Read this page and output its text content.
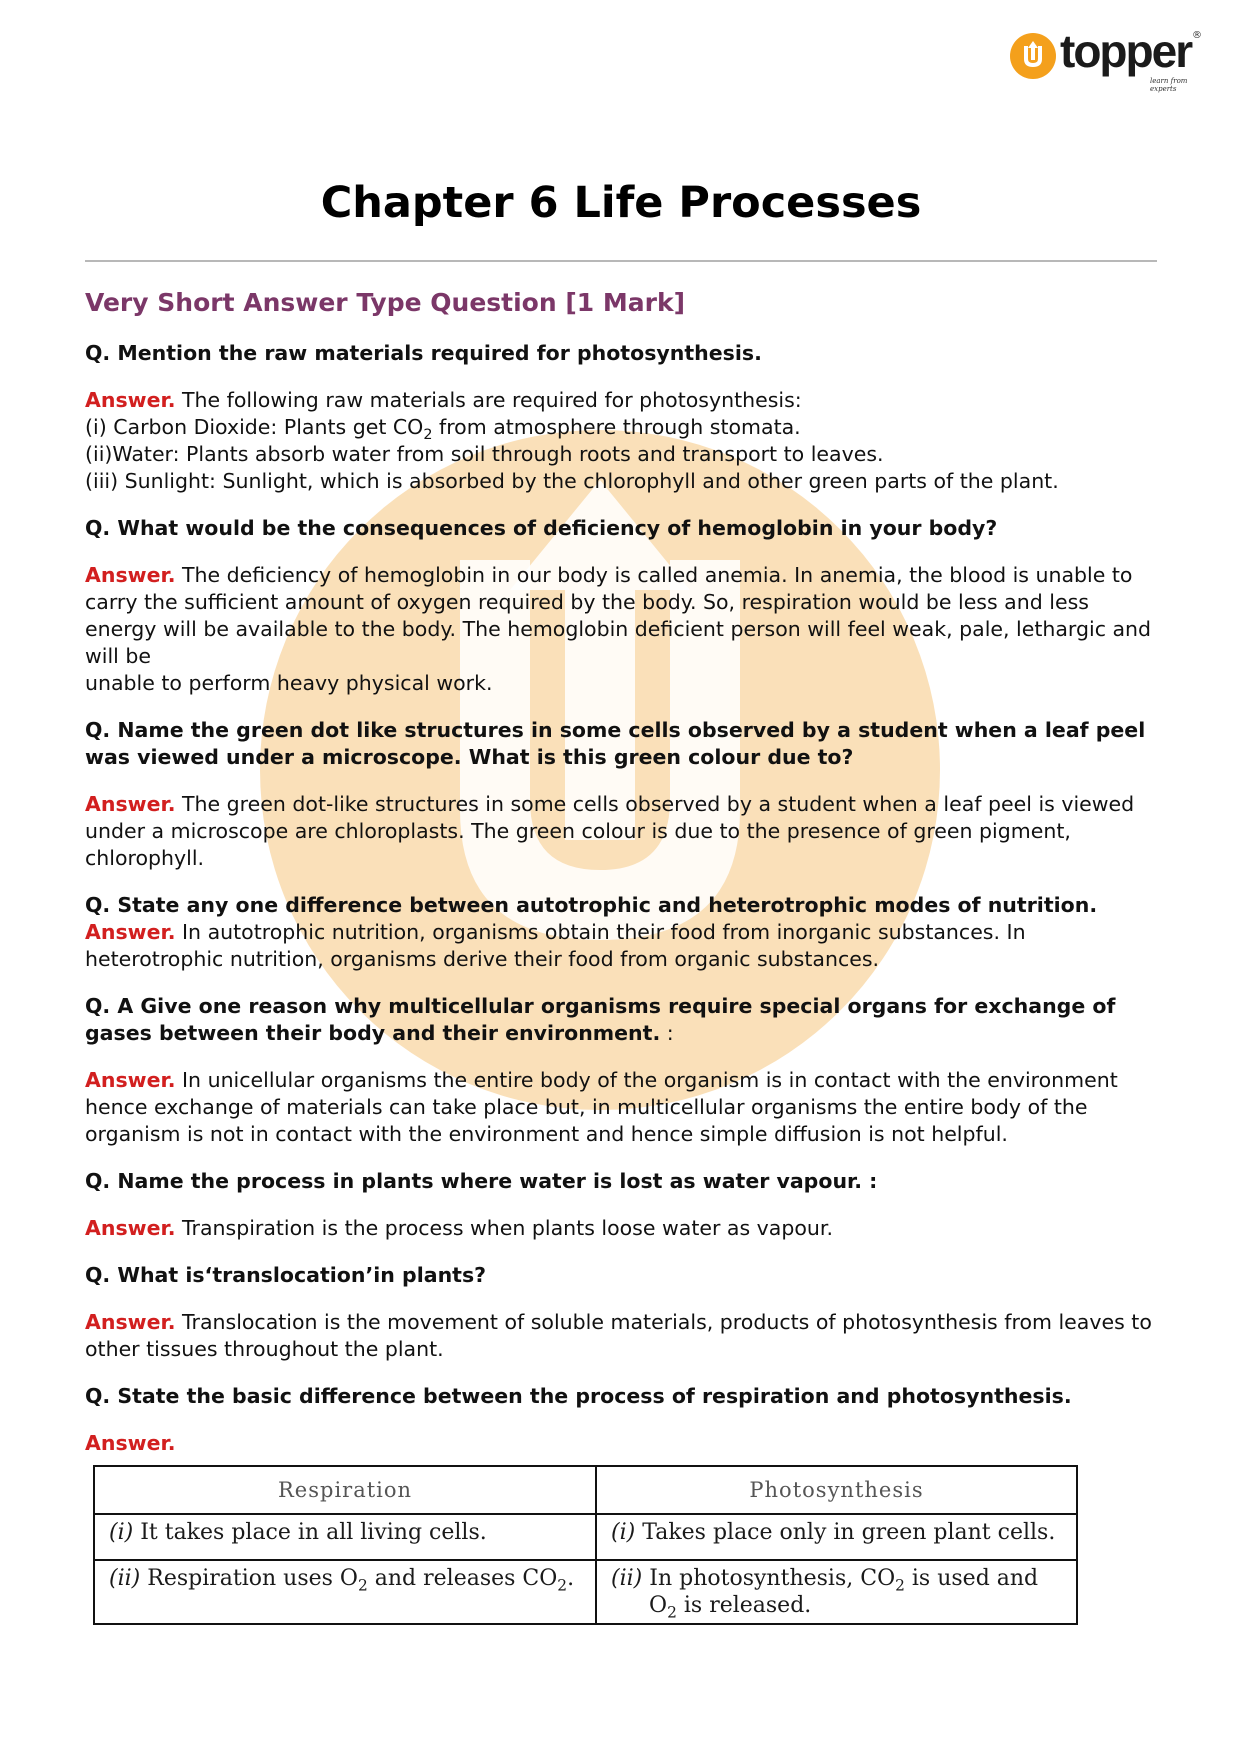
topper ®
learn from experts
Chapter 6 Life Processes
Very Short Answer Type Question [1 Mark]

Q. Mention the raw materials required for photosynthesis.

Answer. The following raw materials are required for photosynthesis:
(i) Carbon Dioxide: Plants get $CO_2$ from atmosphere through stomata.
(ii)Water: Plants absorb water from soil through roots and transport to leaves.
(iii) Sunlight: Sunlight, which is absorbed by the chlorophyll and other green parts of the plant.

Q. What would be the consequences of deficiency of hemoglobin in your body?

Answer. The deficiency of hemoglobin in our body is called anemia. In anemia, the blood is unable to carry the sufficient amount of oxygen required by the body. So, respiration would be less and less energy will be available to the body. The hemoglobin deficient person will feel weak, pale, lethargic and will be
unable to perform heavy physical work.

Q. Name the green dot like structures in some cells observed by a student when a leaf peel was viewed under a microscope. What is this green colour due to?

Answer. The green dot-like structures in some cells observed by a student when a leaf peel is viewed under a microscope are chloroplasts. The green colour is due to the presence of green pigment, chlorophyll.

Q. State any one difference between autotrophic and heterotrophic modes of nutrition.

Answer. In autotrophic nutrition, organisms obtain their food from inorganic substances. In heterotrophic nutrition, organisms derive their food from organic substances.

Q. A Give one reason why multicellular organisms require special organs for exchange of gases between their body and their environment. :

Answer. In unicellular organisms the entire body of the organism is in contact with the environment hence exchange of materials can take place but, in multicellular organisms the entire body of the organism is not in contact with the environment and hence simple diffusion is not helpful.

Q. Name the process in plants where water is lost as water vapour. :

Answer. Transpiration is the process when plants loose water as vapour.

Q. What is‘translocation’in plants?

Answer. Translocation is the movement of soluble materials, products of photosynthesis from leaves to other tissues throughout the plant.

Q. State the basic difference between the process of respiration and photosynthesis.

Answer.

Respiration	Photosynthesis
(i) It takes place in all living cells.	(i) Takes place only in green plant cells.
(ii) Respiration uses $O_2$ and releases $CO_2$.	(ii) In photosynthesis, $CO_2$ is used and
$O_2$ is released.
